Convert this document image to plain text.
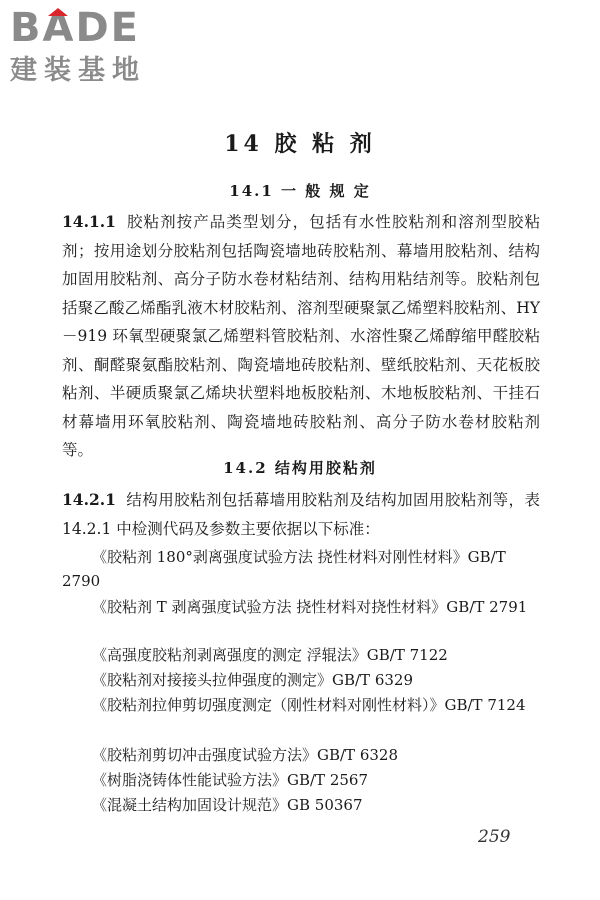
BADE
建装基地
14 胶 粘 剂
14.1 一 般 规 定
14.1.1 胶粘剂按产品类型划分，包括有水性胶粘剂和溶剂型胶粘剂；按用途划分胶粘剂包括陶瓷墙地砖胶粘剂、幕墙用胶粘剂、结构加固用胶粘剂、高分子防水卷材粘结剂、结构用粘结剂等。胶粘剂包括聚乙酸乙烯酯乳液木材胶粘剂、溶剂型硬聚氯乙烯塑料胶粘剂、HY－919 环氧型硬聚氯乙烯塑料管胶粘剂、水溶性聚乙烯醇缩甲醛胶粘剂、酮醛聚氨酯胶粘剂、陶瓷墙地砖胶粘剂、壁纸胶粘剂、天花板胶粘剂、半硬质聚氯乙烯块状塑料地板胶粘剂、木地板胶粘剂、干挂石材幕墙用环氧胶粘剂、陶瓷墙地砖胶粘剂、高分子防水卷材胶粘剂等。
14.2 结构用胶粘剂
14.2.1 结构用胶粘剂包括幕墙用胶粘剂及结构加固用胶粘剂等，表 14.2.1 中检测代码及参数主要依据以下标准：
《胶粘剂 180°剥离强度试验方法 挠性材料对刚性材料》GB/T 2790
《胶粘剂 T 剥离强度试验方法 挠性材料对挠性材料》GB/T 2791
《高强度胶粘剂剥离强度的测定 浮辊法》GB/T 7122
《胶粘剂对接接头拉伸强度的测定》GB/T 6329
《胶粘剂拉伸剪切强度测定（刚性材料对刚性材料）》GB/T 7124
《胶粘剂剪切冲击强度试验方法》GB/T 6328
《树脂浇铸体性能试验方法》GB/T 2567
《混凝土结构加固设计规范》GB 50367
259
